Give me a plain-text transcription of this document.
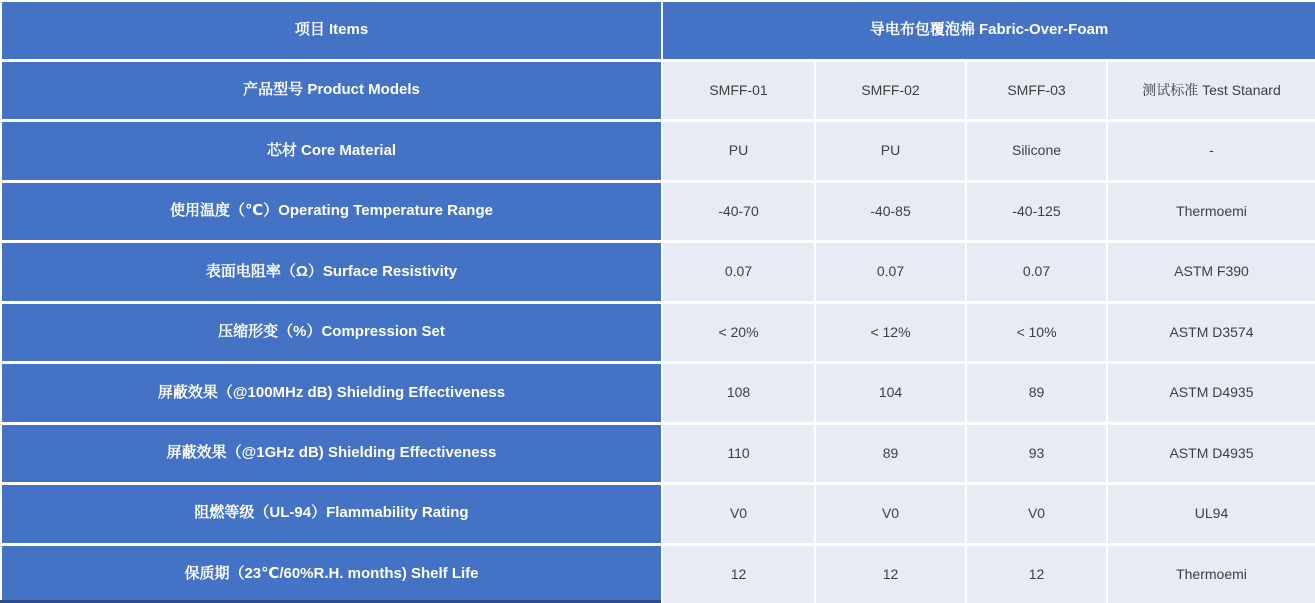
项目 Items	导电布包覆泡棉 Fabric-Over-Foam
产品型号 Product Models	SMFF-01	SMFF-02	SMFF-03	测试标准 Test Stanard
芯材 Core Material	PU	PU	Silicone	-
使用温度（℃）Operating Temperature Range	-40-70	-40-85	-40-125	Thermoemi
表面电阻率（Ω）Surface Resistivity	0.07	0.07	0.07	ASTM F390
压缩形变（%）Compression Set	< 20%	< 12%	< 10%	ASTM D3574
屏蔽效果（@100MHz dB) Shielding Effectiveness	108	104	89	ASTM D4935
屏蔽效果（@1GHz dB) Shielding Effectiveness	110	89	93	ASTM D4935
阻燃等级（UL-94）Flammability Rating	V0	V0	V0	UL94
保质期（23℃/60%R.H. months) Shelf Life	12	12	12	Thermoemi
